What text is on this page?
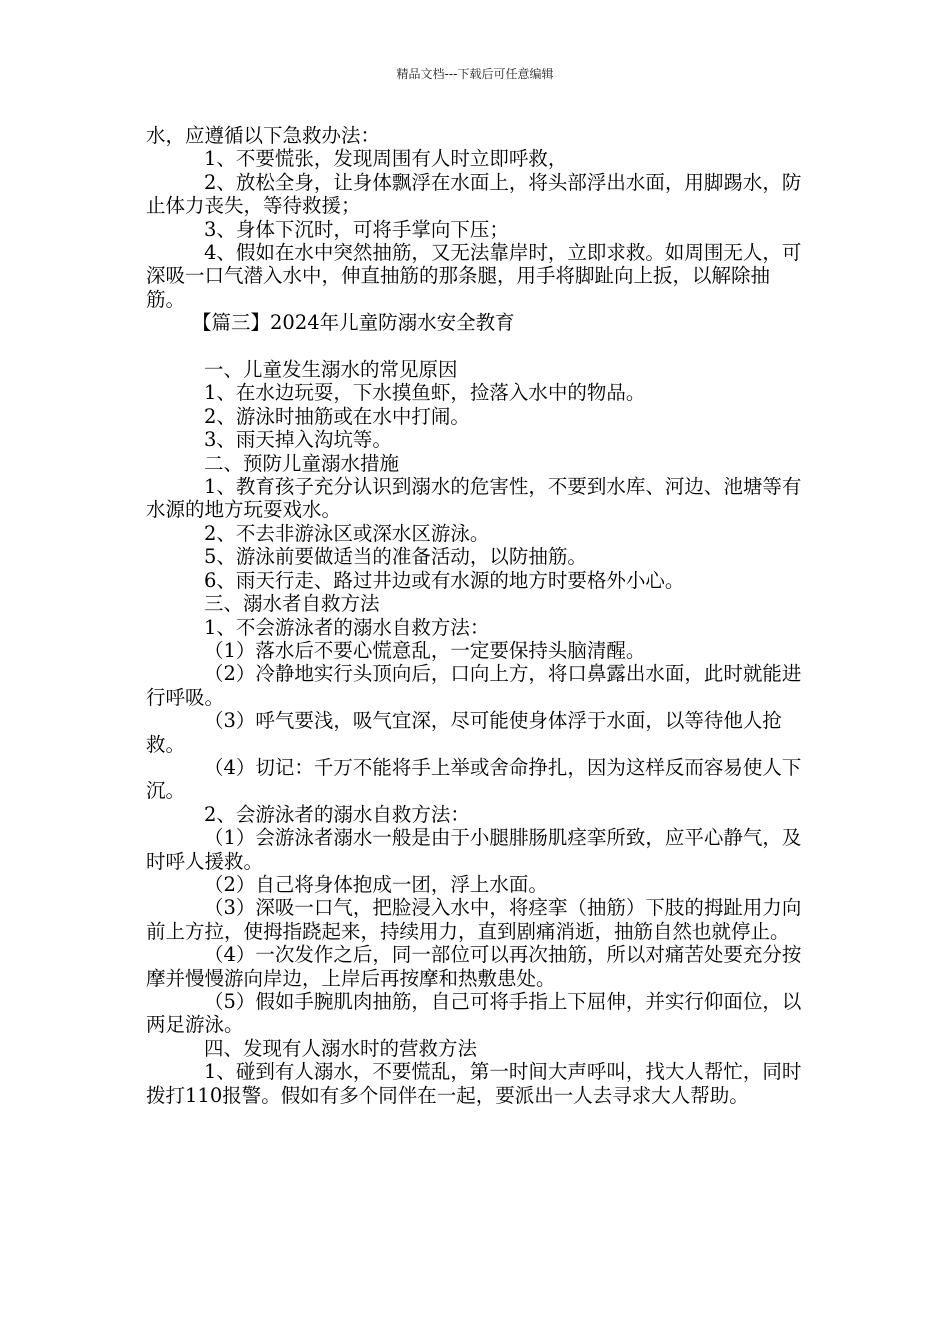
精品文档---下载后可任意编辑

水，应遵循以下急救办法：

1、不要慌张，发现周围有人时立即呼救，

2、放松全身，让身体飘浮在水面上，将头部浮出水面，用脚踢水，防止体力丧失，等待救援；

3、身体下沉时，可将手掌向下压；

4、假如在水中突然抽筋，又无法靠岸时，立即求救。如周围无人，可深吸一口气潜入水中，伸直抽筋的那条腿，用手将脚趾向上扳，以解除抽筋。

【篇三】2024年儿童防溺水安全教育

一、儿童发生溺水的常见原因

1、在水边玩耍，下水摸鱼虾，捡落入水中的物品。

2、游泳时抽筋或在水中打闹。

3、雨天掉入沟坑等。

二、预防儿童溺水措施

1、教育孩子充分认识到溺水的危害性，不要到水库、河边、池塘等有水源的地方玩耍戏水。

2、不去非游泳区或深水区游泳。

5、游泳前要做适当的准备活动，以防抽筋。

6、雨天行走、路过井边或有水源的地方时要格外小心。

三、溺水者自救方法

1、不会游泳者的溺水自救方法：

（1）落水后不要心慌意乱，一定要保持头脑清醒。

（2）冷静地实行头顶向后，口向上方，将口鼻露出水面，此时就能进行呼吸。

（3）呼气要浅，吸气宜深，尽可能使身体浮于水面，以等待他人抢救。

（4）切记：千万不能将手上举或舍命挣扎，因为这样反而容易使人下沉。

2、会游泳者的溺水自救方法：

（1）会游泳者溺水一般是由于小腿腓肠肌痉挛所致，应平心静气，及时呼人援救。

（2）自己将身体抱成一团，浮上水面。

（3）深吸一口气，把脸浸入水中，将痉挛（抽筋）下肢的拇趾用力向前上方拉，使拇指跷起来，持续用力，直到剧痛消逝，抽筋自然也就停止。

（4）一次发作之后，同一部位可以再次抽筋，所以对痛苦处要充分按摩并慢慢游向岸边，上岸后再按摩和热敷患处。

（5）假如手腕肌肉抽筋，自己可将手指上下屈伸，并实行仰面位，以两足游泳。

四、发现有人溺水时的营救方法

1、碰到有人溺水，不要慌乱，第一时间大声呼叫，找大人帮忙，同时拨打110报警。假如有多个同伴在一起，要派出一人去寻求大人帮助。
